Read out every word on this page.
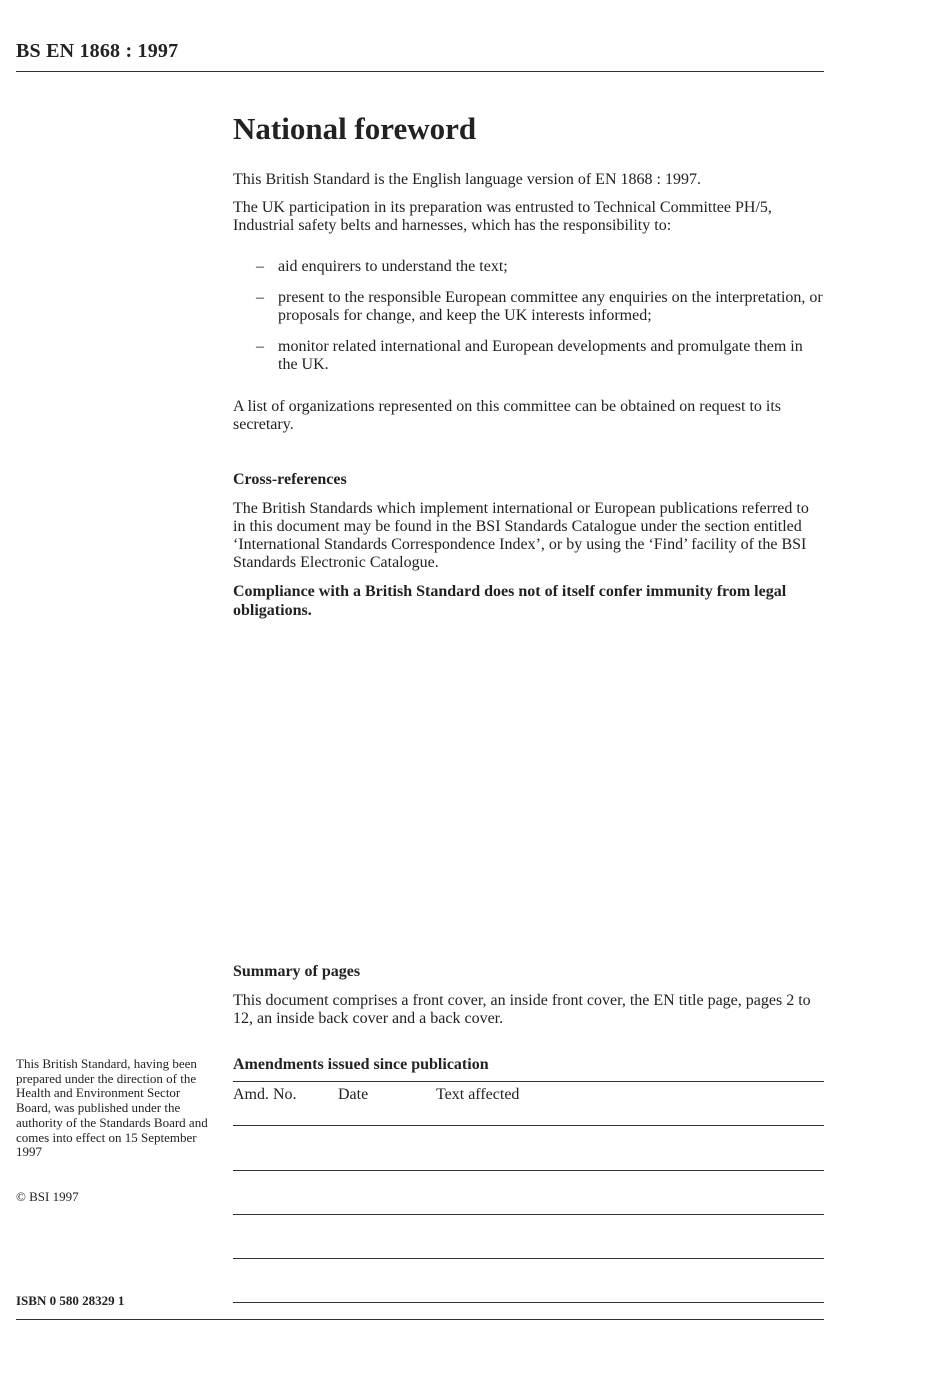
BS EN 1868 : 1997
National foreword
This British Standard is the English language version of EN 1868 : 1997.
The UK participation in its preparation was entrusted to Technical Committee PH/5, Industrial safety belts and harnesses, which has the responsibility to:
– aid enquirers to understand the text;
– present to the responsible European committee any enquiries on the interpretation, or proposals for change, and keep the UK interests informed;
– monitor related international and European developments and promulgate them in the UK.
A list of organizations represented on this committee can be obtained on request to its secretary.
Cross-references
The British Standards which implement international or European publications referred to in this document may be found in the BSI Standards Catalogue under the section entitled ‘International Standards Correspondence Index’, or by using the ‘Find’ facility of the BSI Standards Electronic Catalogue.
Compliance with a British Standard does not of itself confer immunity from legal obligations.
Summary of pages
This document comprises a front cover, an inside front cover, the EN title page, pages 2 to 12, an inside back cover and a back cover.
Amendments issued since publication
Amd. No.	Date	Text affected
This British Standard, having been prepared under the direction of the Health and Environment Sector Board, was published under the authority of the Standards Board and comes into effect on 15 September 1997
© BSI 1997
ISBN 0 580 28329 1
